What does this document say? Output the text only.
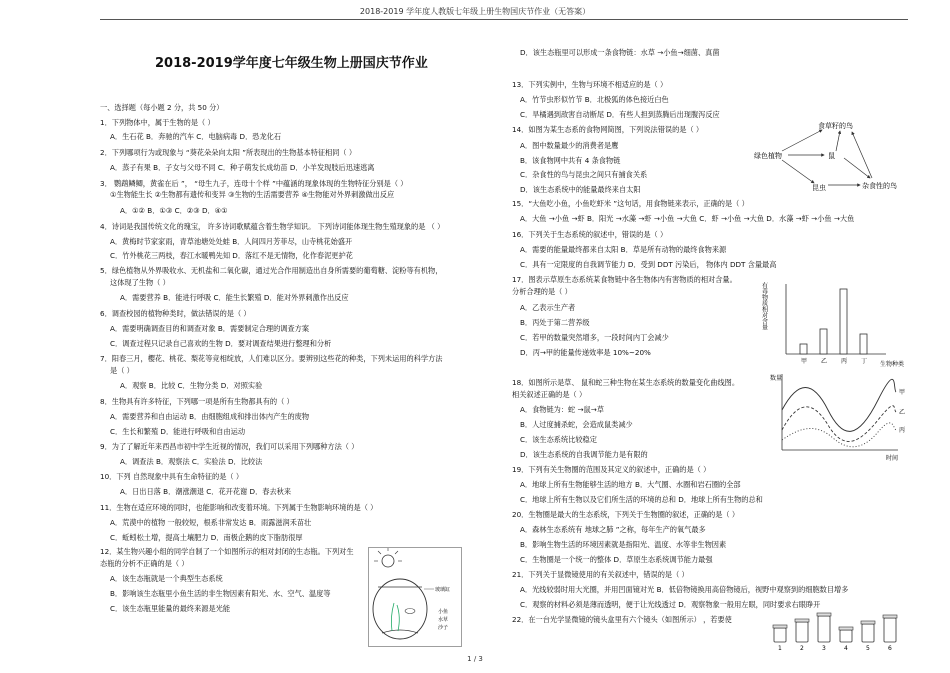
2018-2019 学年度人教版七年级上册生物国庆节作业（无答案）
2018-2019学年度七年级生物上册国庆节作业
一、选择题（每小题 2 分，共 50 分）
1．下列物体中，属于生物的是（ ）
A．生石花 B．奔驰的汽车 C．电脑病毒 D．恐龙化石
2．下列哪项行为或现象与 “葵花朵朵向太阳 ”所表现出的生物基本特征相同（ ）
A．蒸子有果 B．子女与父母不同 C．种子萌发长成幼苗 D．小羊发现肢后迅速逃离
3． 鹦鹉鳞鲫，黄雀在后 ”， “母生九子，连母十个样 ”中蕴涵的现象体现的生物特征分别是（ ）
①生物能生长 ②生物都有遗传和变异 ③生物的生活需要营养 ④生物能对外界刺激做出反应
A．①② B．①③ C．②③ D．④①
4．诗词是我国传统文化的瑰宝， 许多诗词歌赋蕴含着生物学知识。 下列诗词能体现生物生殖现象的是 （ ）
A．黄梅时节家家雨，青草池塘处处蛙 B．人间四月芳菲尽，山寺桃花始盛开
C．竹外桃花三两枝，春江水暖鸭先知 D．落红不是无情物，化作春泥更护花
5．绿色植物从外界吸收水、无机盐和二氧化碳，通过光合作用制造出自身所需要的葡萄糖、淀粉等有机物，
这体现了生物（ ）
A．需要营养 B．能进行呼吸 C．能生长繁殖 D．能对外界刺激作出反应
6．调查校园的植物种类时，做法错误的是（ ）
A．需要明确调查目的和调查对象 B．需要制定合理的调查方案
C．调查过程只记录自己喜欢的生物 D．要对调查结果进行整理和分析
7．阳春三月，樱花、桃花、梨花等竞相绽放，人们难以区分。要辨别这些花的种类，下列未运用的科学方法
是（ ）
A．观察 B．比较 C．生物分类 D．对照实验
8．生物具有许多特征，下列哪一项是所有生物都具有的（ ）
A．需要营养和自由运动 B．由细胞组成和排出体内产生的废物
C．生长和繁殖 D．能进行呼吸和自由运动
9．为了了解近年来西昌市初中学生近视的情况，我们可以采用下列哪种方法（ ）
A．调查法 B．观察法 C．实验法 D．比较法
10．下列 自然现象中具有生命特征的是（ ）
A．日出日落 B．潮涨潮退 C．花开花谢 D．春去秋来
11．生物在适应环境的同时，也能影响和改变着环境。下列属于生物影响环境的是（ ）
A．荒漠中的植物 一般较短，根系非常发达 B．雨露滋润禾苗壮
C．蚯蚓松土增，提高土壤肥力 D．南极企鹅的皮下脂肪很厚
12．某生物兴趣小组的同学自制了一个如图所示的相对封闭的生态瓶。下列对生
态瓶的分析不正确的是（ ）
A．该生态瓶就是一个典型生态系统
B．影响该生态瓶里小鱼生活的非生物因素有阳光、水、空气、温度等
C．该生态瓶里能量的最终来源是光能
D．该生态瓶里可以形成一条食物链：水草 →小鱼→细菌、真菌
13．下列实例中，生物与环境不相适应的是（ ）
A．竹节虫形似竹节 B．北极狐的体色接近白色
C．旱橘遇到敌害自动断尾 D．有些人担到蒸腾后出现腹泻反应
14．如图为某生态系的食物网简图，下列说法错误的是（ ）
A．图中数量最少的消费者是鹰
B．该食物网中共有 4 条食物链
C．杂食性的鸟与昆虫之间只有捕食关系
D．该生态系统中的能量最终来自太阳
15．“大鱼吃小鱼，小鱼吃虾米 ”这句话，用食物链来表示，正确的是（ ）
A．大鱼 →小鱼 →虾 B．阳光 →水藻 →虾 →小鱼 →大鱼 C．虾 →小鱼 →大鱼 D．水藻 →虾 →小鱼 →大鱼
16．下列关于生态系统的叙述中，错误的是（ ）
A．需要的能量最终都来自太阳 B．草是所有动物的最终食物来源
C．具有一定限度的自我调节能力 D．受到 DDT 污染后， 物体内 DDT 含量最高
17．图表示草原生态系统某食物链中各生物体内有害物质的相对含量。
分析合理的是（ ）
A．乙表示生产者
B．丙处于第二营养级
C．若甲的数量突然增多，一段时间内丁会减少
D．丙→甲的能量传递效率是 10%~20%
18．如图所示是草、 鼠和蛇三种生物在某生态系统的数量变化曲线图。
相关叙述正确的是（ ）
A．食物链为：蛇 →鼠→草
B．人过度捕杀蛇，会造成鼠类减少
C．该生态系统比较稳定
D．该生态系统的自我调节能力是有限的
19．下列有关生物圈的范围及其定义的叙述中，正确的是（ ）
A．地球上所有生物能够生活的地方 B．大气圈、水圈和岩石圈的全部
C．地球上所有生物以及它们所生活的环境的总和 D．地球上所有生物的总和
20．生物圈是最大的生态系统，下列关于生物圈的叙述，正确的是（ ）
A．森林生态系统有 地球之肺 ”之称，每年生产的氧气最多
B．影响生物生活的环境因素就是指阳光、温度、水等非生物因素
C．生物圈是一个统一的整体 D．草原生态系统调节能力最强
21．下列关于显微镜使用的有关叙述中，错误的是（ ）
A．光线较弱时用大光圈，并用凹面镜对光 B．低倍物镜换用高倍物镜后，视野中观察到的细胞数目增多
C．观察的材料必须是薄而透明，便于让光线透过 D．观察物象一般用左眼，同时要求右眼睁开
22．在一台光学显微镜的镜头盒里有六个镜头（如图所示） ，若要使
玻璃缸
小鱼
水草
沙子
食草籽的鸟
绿色植物	鼠
昆虫	杂食性的鸟
有毒物质相对含量
生物种类
甲 乙 丙 丁
数量
时间
甲
乙
丙
1	2	3	4	5	6
1 / 3
